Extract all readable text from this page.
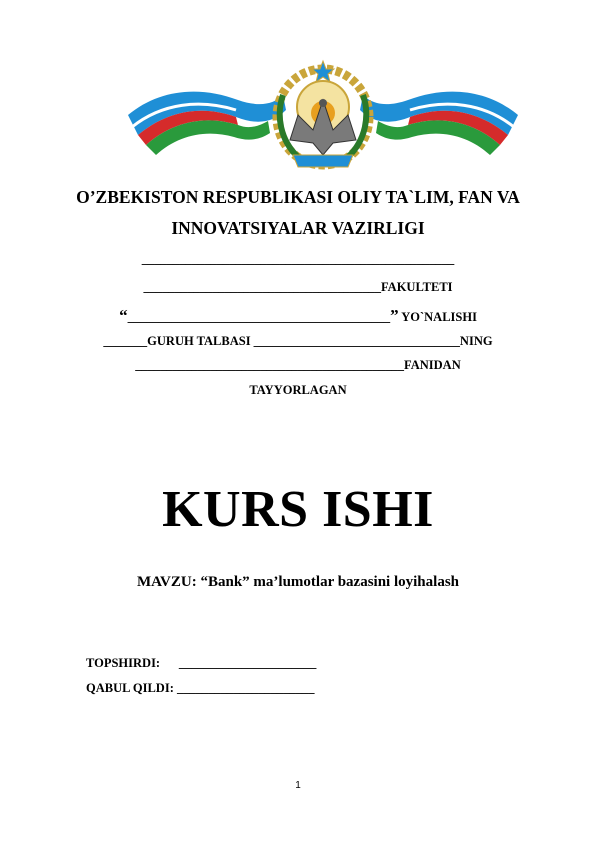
O’ZBEKISTON RESPUBLIKASI OLIY TA`LIM, FAN VA
INNOVATSIYALAR VAZIRLIGI
__________________________________________________
______________________________________FAKULTETI
“__________________________________________” YO`NALISHI
_______GURUH TALBASI _________________________________NING
___________________________________________FANIDAN
TAYYORLAGAN
KURS ISHI
MAVZU: “Bank” ma’lumotlar bazasini loyihalash
TOPSHIRDI:      ______________________
QABUL QILDI: ______________________
1
